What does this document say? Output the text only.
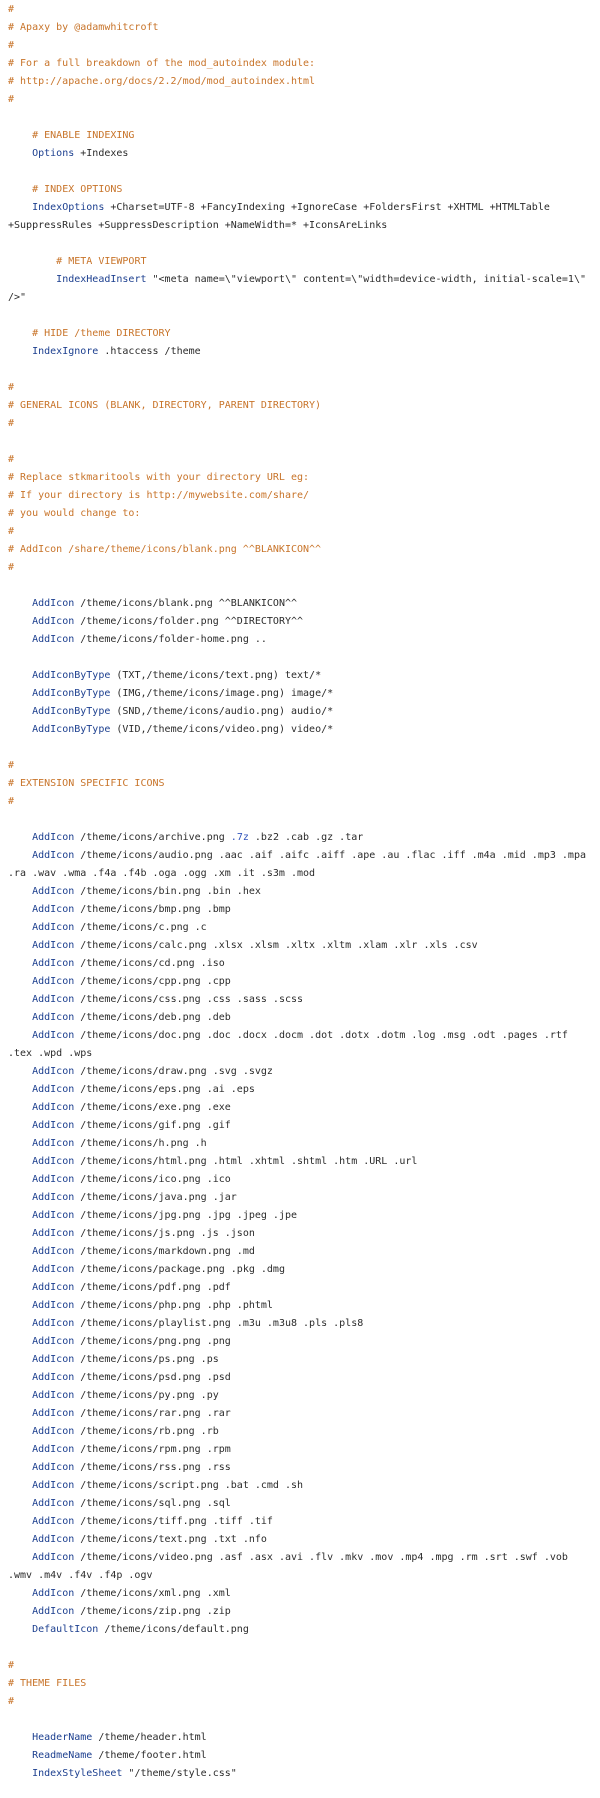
#
# Apaxy by @adamwhitcroft
#
# For a full breakdown of the mod_autoindex module:
# http://apache.org/docs/2.2/mod/mod_autoindex.html
#
# ENABLE INDEXING
Options +Indexes
# INDEX OPTIONS
IndexOptions +Charset=UTF-8 +FancyIndexing +IgnoreCase +FoldersFirst +XHTML +HTMLTable
+SuppressRules +SuppressDescription +NameWidth=* +IconsAreLinks
# META VIEWPORT
IndexHeadInsert "<meta name=\"viewport\" content=\"width=device-width, initial-scale=1\"
/>"
# HIDE /theme DIRECTORY
IndexIgnore .htaccess /theme
#
# GENERAL ICONS (BLANK, DIRECTORY, PARENT DIRECTORY)
#
#
# Replace stkmaritools with your directory URL eg:
# If your directory is http://mywebsite.com/share/
# you would change to:
#
# AddIcon /share/theme/icons/blank.png ^^BLANKICON^^
#
AddIcon /theme/icons/blank.png ^^BLANKICON^^
AddIcon /theme/icons/folder.png ^^DIRECTORY^^
AddIcon /theme/icons/folder-home.png ..
AddIconByType (TXT,/theme/icons/text.png) text/*
AddIconByType (IMG,/theme/icons/image.png) image/*
AddIconByType (SND,/theme/icons/audio.png) audio/*
AddIconByType (VID,/theme/icons/video.png) video/*
#
# EXTENSION SPECIFIC ICONS
#
AddIcon /theme/icons/archive.png .7z .bz2 .cab .gz .tar
AddIcon /theme/icons/audio.png .aac .aif .aifc .aiff .ape .au .flac .iff .m4a .mid .mp3 .mpa
.ra .wav .wma .f4a .f4b .oga .ogg .xm .it .s3m .mod
AddIcon /theme/icons/bin.png .bin .hex
AddIcon /theme/icons/bmp.png .bmp
AddIcon /theme/icons/c.png .c
AddIcon /theme/icons/calc.png .xlsx .xlsm .xltx .xltm .xlam .xlr .xls .csv
AddIcon /theme/icons/cd.png .iso
AddIcon /theme/icons/cpp.png .cpp
AddIcon /theme/icons/css.png .css .sass .scss
AddIcon /theme/icons/deb.png .deb
AddIcon /theme/icons/doc.png .doc .docx .docm .dot .dotx .dotm .log .msg .odt .pages .rtf
.tex .wpd .wps
AddIcon /theme/icons/draw.png .svg .svgz
AddIcon /theme/icons/eps.png .ai .eps
AddIcon /theme/icons/exe.png .exe
AddIcon /theme/icons/gif.png .gif
AddIcon /theme/icons/h.png .h
AddIcon /theme/icons/html.png .html .xhtml .shtml .htm .URL .url
AddIcon /theme/icons/ico.png .ico
AddIcon /theme/icons/java.png .jar
AddIcon /theme/icons/jpg.png .jpg .jpeg .jpe
AddIcon /theme/icons/js.png .js .json
AddIcon /theme/icons/markdown.png .md
AddIcon /theme/icons/package.png .pkg .dmg
AddIcon /theme/icons/pdf.png .pdf
AddIcon /theme/icons/php.png .php .phtml
AddIcon /theme/icons/playlist.png .m3u .m3u8 .pls .pls8
AddIcon /theme/icons/png.png .png
AddIcon /theme/icons/ps.png .ps
AddIcon /theme/icons/psd.png .psd
AddIcon /theme/icons/py.png .py
AddIcon /theme/icons/rar.png .rar
AddIcon /theme/icons/rb.png .rb
AddIcon /theme/icons/rpm.png .rpm
AddIcon /theme/icons/rss.png .rss
AddIcon /theme/icons/script.png .bat .cmd .sh
AddIcon /theme/icons/sql.png .sql
AddIcon /theme/icons/tiff.png .tiff .tif
AddIcon /theme/icons/text.png .txt .nfo
AddIcon /theme/icons/video.png .asf .asx .avi .flv .mkv .mov .mp4 .mpg .rm .srt .swf .vob
.wmv .m4v .f4v .f4p .ogv
AddIcon /theme/icons/xml.png .xml
AddIcon /theme/icons/zip.png .zip
DefaultIcon /theme/icons/default.png
#
# THEME FILES
#
HeaderName /theme/header.html
ReadmeName /theme/footer.html
IndexStyleSheet "/theme/style.css"
